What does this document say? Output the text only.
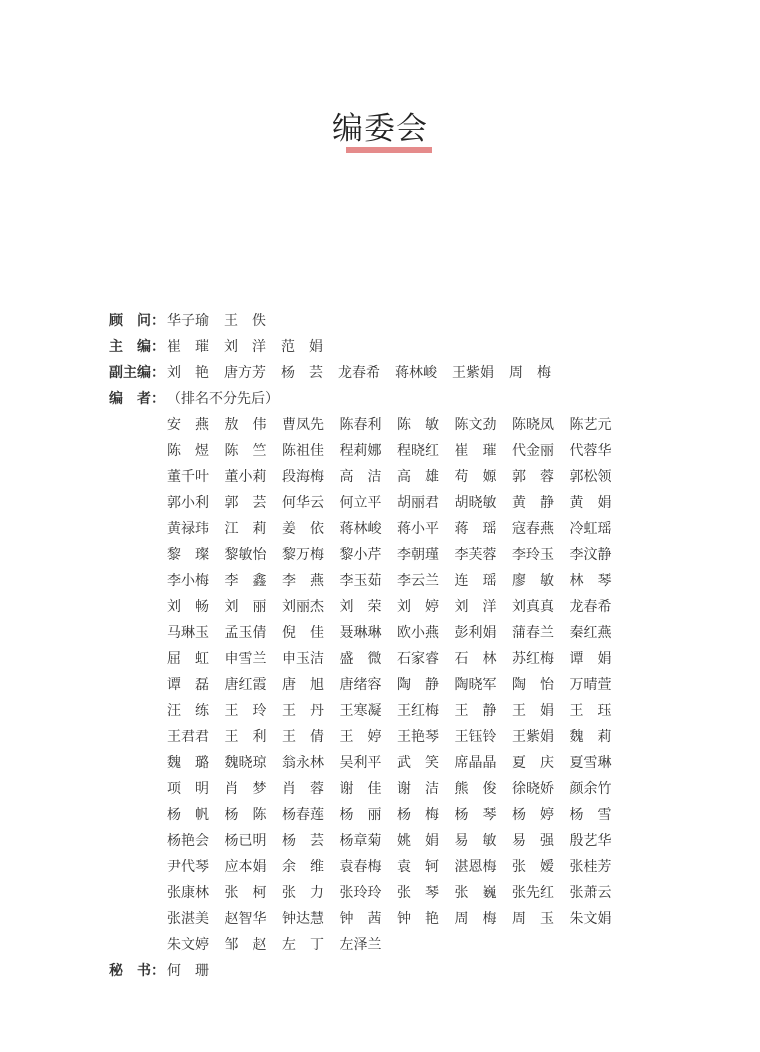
编委会
顾　问： 华子瑜 王　佚
主　编： 崔　璀 刘　洋 范　娟
副主编： 刘　艳 唐方芳 杨　芸 龙春希 蒋林峻 王紫娟 周　梅
编　者： （排名不分先后）
安　燕	敖　伟	曹凤先	陈春利	陈　敏	陈文劲	陈晓凤	陈艺元
陈　煜	陈　竺	陈祖佳	程莉娜	程晓红	崔　璀	代金丽	代蓉华
董千叶	董小莉	段海梅	高　洁	高　雄	苟　嫄	郭　蓉	郭松领
郭小利	郭　芸	何华云	何立平	胡丽君	胡晓敏	黄　静	黄　娟
黄禄玮	江　莉	姜　依	蒋林峻	蒋小平	蒋　瑶	寇春燕	冷虹瑶
黎　璨	黎敏怡	黎万梅	黎小芹	李朝瑾	李芙蓉	李玲玉	李汶静
李小梅	李　鑫	李　燕	李玉茹	李云兰	连　瑶	廖　敏	林　琴
刘　畅	刘　丽	刘丽杰	刘　荣	刘　婷	刘　洋	刘真真	龙春希
马琳玉	孟玉倩	倪　佳	聂琳琳	欧小燕	彭利娟	蒲春兰	秦红燕
屈　虹	申雪兰	申玉洁	盛　微	石家睿	石　林	苏红梅	谭　娟
谭　磊	唐红霞	唐　旭	唐绪容	陶　静	陶晓军	陶　怡	万晴萱
汪　练	王　玲	王　丹	王寒凝	王红梅	王　静	王　娟	王　珏
王君君	王　利	王　倩	王　婷	王艳琴	王钰铃	王紫娟	魏　莉
魏　璐	魏晓琼	翁永林	吴利平	武　笑	席晶晶	夏　庆	夏雪琳
项　明	肖　梦	肖　蓉	谢　佳	谢　洁	熊　俊	徐晓娇	颜余竹
杨　帆	杨　陈	杨春莲	杨　丽	杨　梅	杨　琴	杨　婷	杨　雪
杨艳会	杨已明	杨　芸	杨章菊	姚　娟	易　敏	易　强	殷艺华
尹代琴	应本娟	余　维	袁春梅	袁　轲	湛恩梅	张　嫒	张桂芳
张康林	张　柯	张　力	张玲玲	张　琴	张　巍	张先红	张萧云
张湛美	赵智华	钟达慧	钟　茜	钟　艳	周　梅	周　玉	朱文娟
朱文婷	邹　赵	左　丁	左泽兰
秘　书： 何　珊
